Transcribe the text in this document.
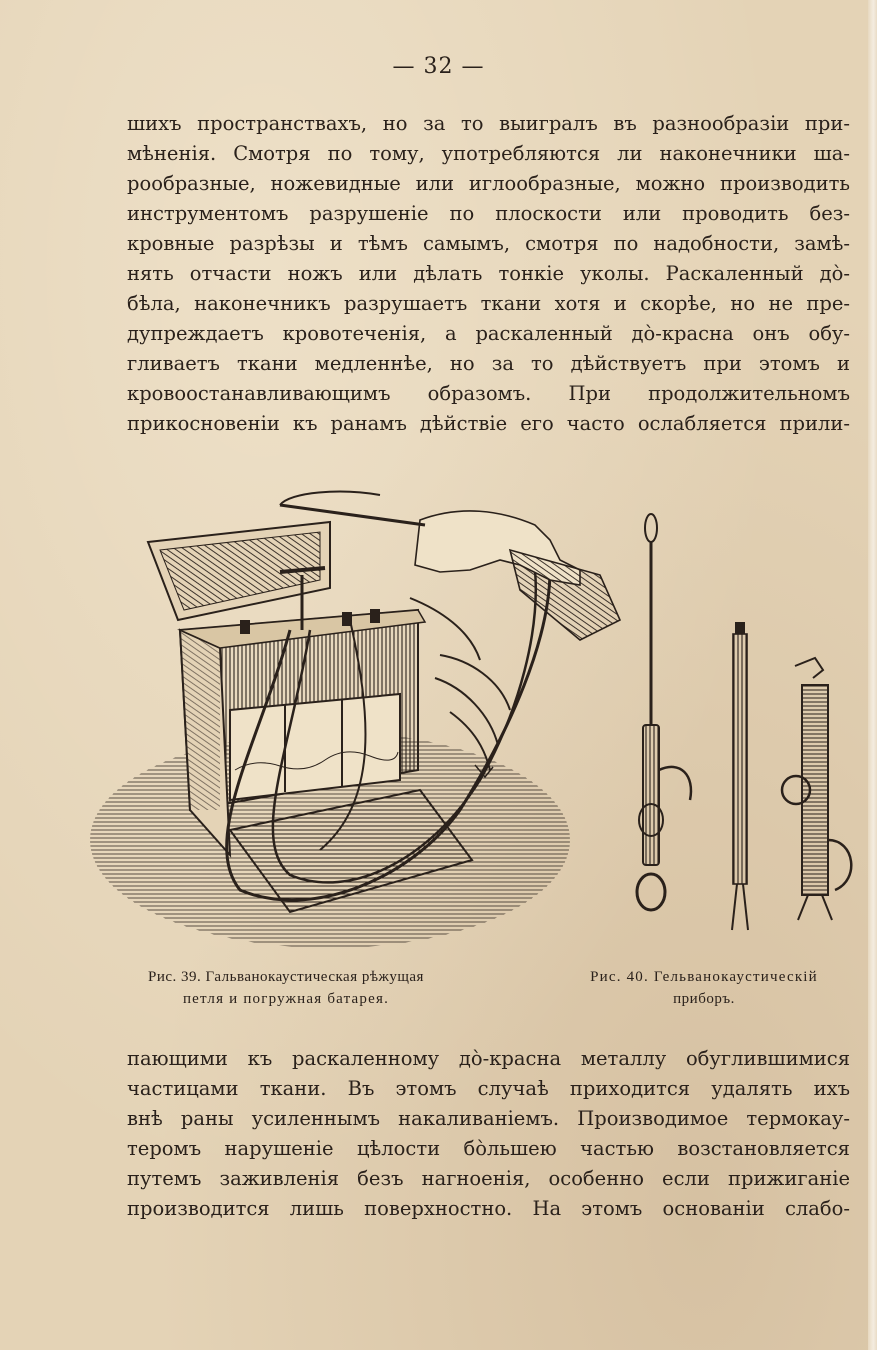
— 32 —
шихъ пространствахъ, но за то выигралъ въ разнообразіи при-
мѣненія. Смотря по тому, употребляются ли наконечники ша-
рообразные, ножевидные или иглообразные, можно производить
инструментомъ разрушеніе по плоскости или проводить без-
кровные разрѣзы и тѣмъ самымъ, смотря по надобности, замѣ-
нять отчасти ножъ или дѣлать тонкіе уколы. Раскаленный до̀-
бѣла, наконечникъ разрушаетъ ткани хотя и скорѣе, но не пре-
дупреждаетъ кровотеченія, а раскаленный до̀-красна онъ обу-
гливаетъ ткани медленнѣе, но за то дѣйствуетъ при этомъ и
кровоостанавливающимъ образомъ. При продолжительномъ
прикосновеніи къ ранамъ дѣйствіе его часто ослабляется прили-
Рис. 39. Гальванокаустическая рѣжущая
петля и погружная батарея.
Рис. 40. Гельванокаустическій
приборъ.
пающими къ раскаленному до̀-красна металлу обуглившимися
частицами ткани. Въ этомъ случаѣ приходится удалять ихъ
внѣ раны усиленнымъ накаливаніемъ. Производимое термокау-
теромъ нарушеніе цѣлости бо̀льшею частью возстановляется
путемъ заживленія безъ нагноенія, особенно если прижиганіе
производится лишь поверхностно. На этомъ основаніи слабо-
